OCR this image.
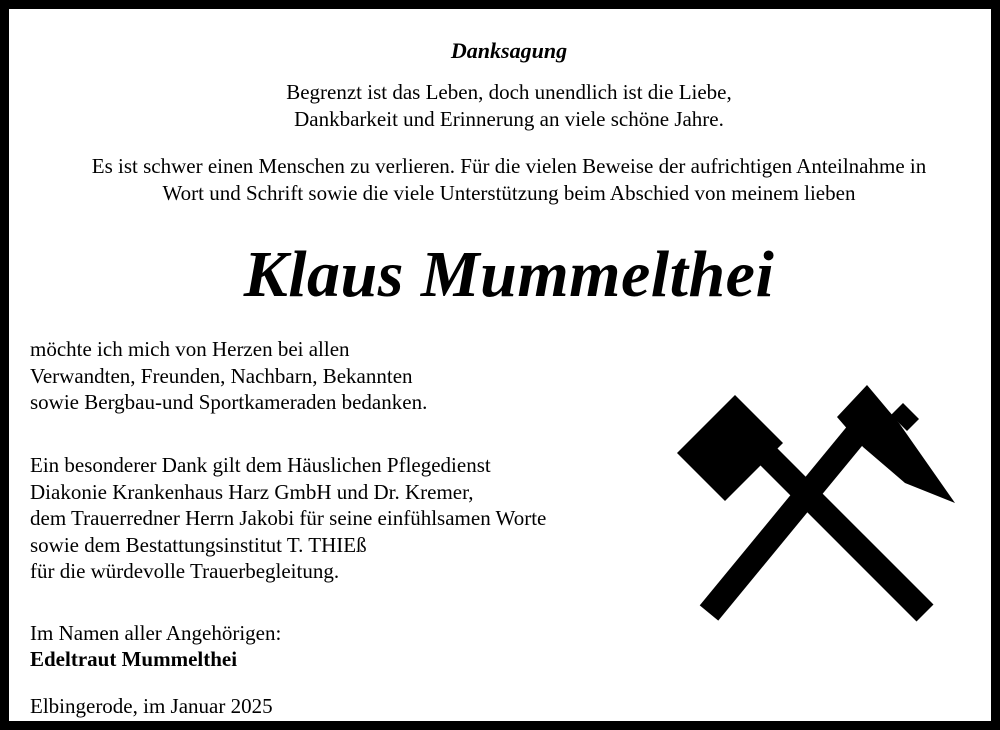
Danksagung
Begrenzt ist das Leben, doch unendlich ist die Liebe,
Dankbarkeit und Erinnerung an viele schöne Jahre.
Es ist schwer einen Menschen zu verlieren. Für die vielen Beweise der aufrichtigen Anteilnahme in
Wort und Schrift sowie die viele Unterstützung beim Abschied von meinem lieben
Klaus Mummelthei
möchte ich mich von Herzen bei allen
Verwandten, Freunden, Nachbarn, Bekannten
sowie Bergbau-und Sportkameraden bedanken.
Ein besonderer Dank gilt dem Häuslichen Pflegedienst
Diakonie Krankenhaus Harz GmbH und Dr. Kremer,
dem Trauerredner Herrn Jakobi für seine einfühlsamen Worte
sowie dem Bestattungsinstitut T. THIEß
für die würdevolle Trauerbegleitung.
Im Namen aller Angehörigen:
Edeltraut Mummelthei
Elbingerode, im Januar 2025
